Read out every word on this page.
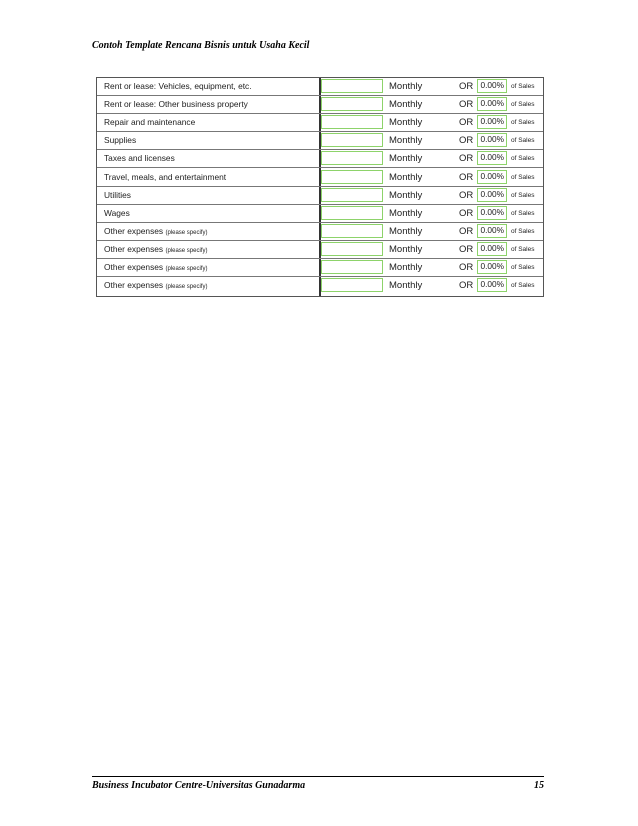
Contoh Template Rencana Bisnis untuk Usaha Kecil
Rent or lease: Vehicles, equipment, etc.	Monthly	OR 0.00%	of Sales
Rent or lease: Other business property	Monthly	OR 0.00%	of Sales
Repair and maintenance	Monthly	OR 0.00%	of Sales
Supplies	Monthly	OR 0.00%	of Sales
Taxes and licenses	Monthly	OR 0.00%	of Sales
Travel, meals, and entertainment	Monthly	OR 0.00%	of Sales
Utilities	Monthly	OR 0.00%	of Sales
Wages	Monthly	OR 0.00%	of Sales
Other expenses (please specify)	Monthly	OR 0.00%	of Sales
Other expenses (please specify)	Monthly	OR 0.00%	of Sales
Other expenses (please specify)	Monthly	OR 0.00%	of Sales
Other expenses (please specify)	Monthly	OR 0.00%	of Sales
Business Incubator Centre-Universitas Gunadarma	15
